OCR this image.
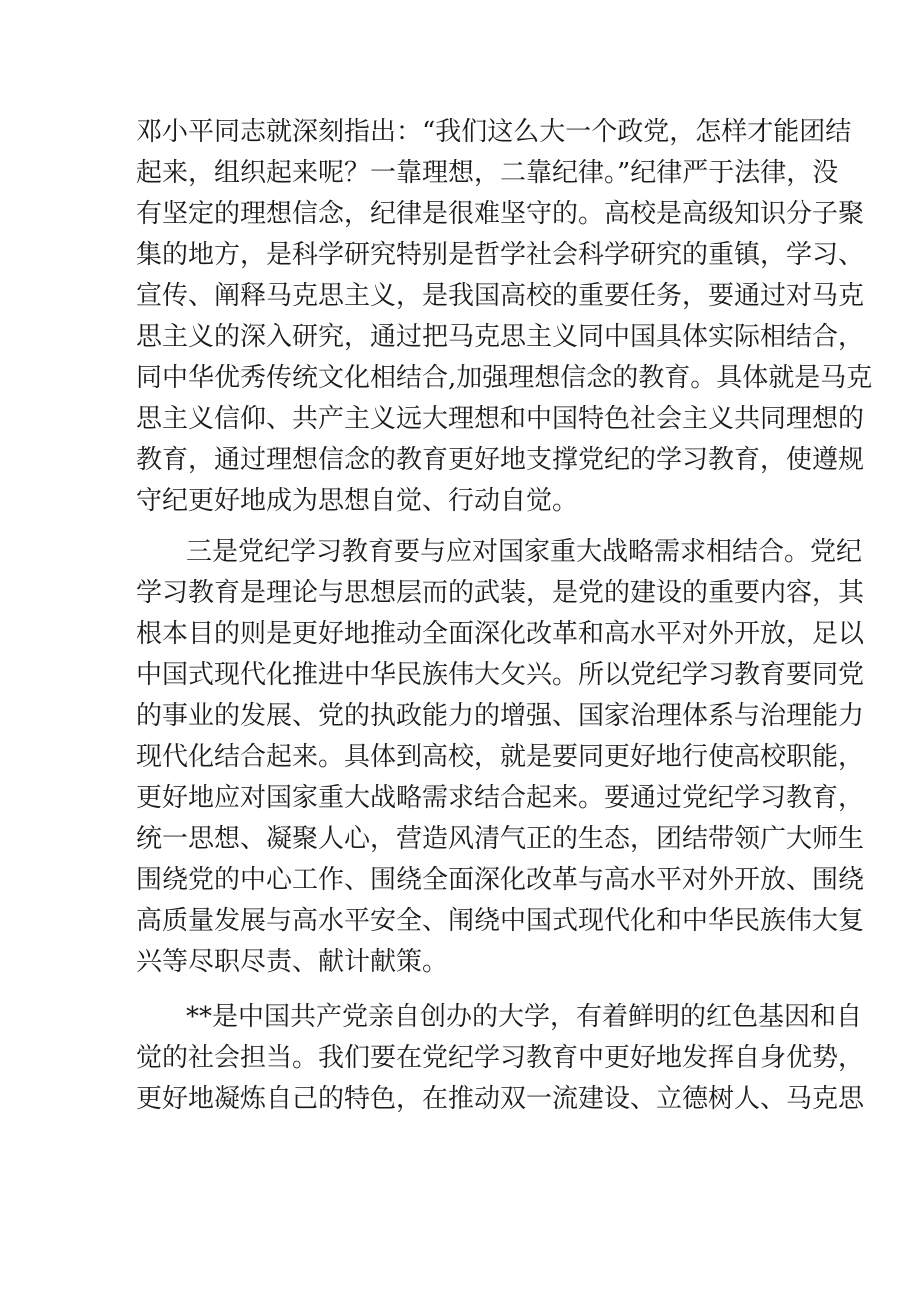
邓小平同志就深刻指出：“我们这么大一个政党，怎样才能团结
起来，组织起来呢？一靠理想，二靠纪律。”纪律严于法律，没
有坚定的理想信念，纪律是很难坚守的。高校是高级知识分子聚
集的地方，是科学研究特别是哲学社会科学研究的重镇，学习、
宣传、阐释马克思主义，是我国高校的重要任务，要通过对马克
思主义的深入研究，通过把马克思主义同中国具体实际相结合，
同中华优秀传统文化相结合,加强理想信念的教育。具体就是马克
思主义信仰、共产主义远大理想和中国特色社会主义共同理想的
教育，通过理想信念的教育更好地支撑党纪的学习教育，使遵规
守纪更好地成为思想自觉、行动自觉。
三是党纪学习教育要与应对国家重大战略需求相结合。党纪
学习教育是理论与思想层而的武装，是党的建设的重要内容，其
根本目的则是更好地推动全面深化改革和高水平对外开放，足以
中国式现代化推进中华民族伟大攵兴。所以党纪学习教育要同党
的事业的发展、党的执政能力的增强、国家治理体系与治理能力
现代化结合起来。具体到高校，就是要同更好地行使高校职能，
更好地应对国家重大战略需求结合起来。要通过党纪学习教育，
统一思想、凝聚人心，营造风清气正的生态，团结带领广大师生
围绕党的中心工作、围绕全面深化改革与高水平对外开放、围绕
高质量发展与高水平安全、闱绕中国式现代化和中华民族伟大复
兴等尽职尽责、献计献策。
**是中国共产党亲自创办的大学，有着鲜明的红色基因和自
觉的社会担当。我们要在党纪学习教育中更好地发挥自身优势，
更好地凝炼自己的特色，在推动双一流建设、立德树人、马克思
